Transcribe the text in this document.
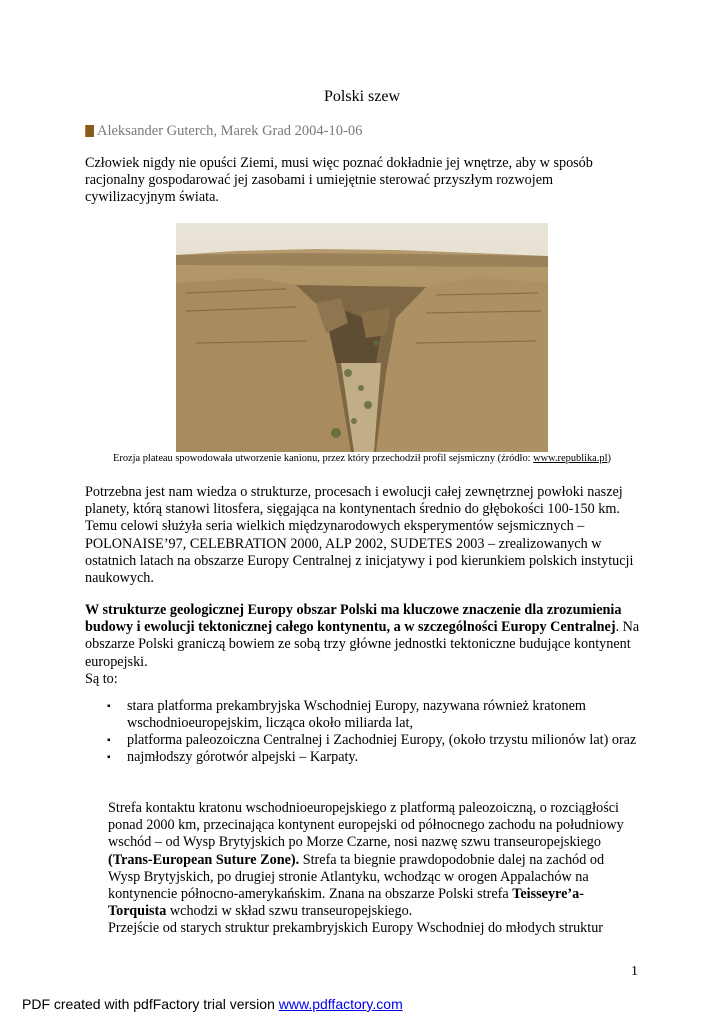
Polski szew
Aleksander Guterch, Marek Grad 2004-10-06

Człowiek nigdy nie opuści Ziemi, musi więc poznać dokładnie jej wnętrze, aby w sposób racjonalny gospodarować jej zasobami i umiejętnie sterować przyszłym rozwojem cywilizacyjnym świata.

Erozja plateau spowodowała utworzenie kanionu, przez który przechodził profil sejsmiczny (źródło: www.republika.pl)

Potrzebna jest nam wiedza o strukturze, procesach i ewolucji całej zewnętrznej powłoki naszej planety, którą stanowi litosfera, sięgająca na kontynentach średnio do głębokości 100-150 km. Temu celowi służyła seria wielkich międzynarodowych eksperymentów sejsmicznych – POLONAISE’97, CELEBRATION 2000, ALP 2002, SUDETES 2003 – zrealizowanych w ostatnich latach na obszarze Europy Centralnej z inicjatywy i pod kierunkiem polskich instytucji naukowych.

W strukturze geologicznej Europy obszar Polski ma kluczowe znaczenie dla zrozumienia budowy i ewolucji tektonicznej całego kontynentu, a w szczególności Europy Centralnej. Na obszarze Polski graniczą bowiem ze sobą trzy główne jednostki tektoniczne budujące kontynent europejski.
Są to:

▪ stara platforma prekambryjska Wschodniej Europy, nazywana również kratonem wschodnioeuropejskim, licząca około miliarda lat,
▪ platforma paleozoiczna Centralnej i Zachodniej Europy, (około trzystu milionów lat) oraz
▪ najmłodszy górotwór alpejski – Karpaty.

Strefa kontaktu kratonu wschodnioeuropejskiego z platformą paleozoiczną, o rozciągłości ponad 2000 km, przecinająca kontynent europejski od północnego zachodu na południowy wschód – od Wysp Brytyjskich po Morze Czarne, nosi nazwę szwu transeuropejskiego (Trans-European Suture Zone). Strefa ta biegnie prawdopodobnie dalej na zachód od Wysp Brytyjskich, po drugiej stronie Atlantyku, wchodząc w orogen Appalachów na kontynencie północno-amerykańskim. Znana na obszarze Polski strefa Teisseyre’a-Torquista wchodzi w skład szwu transeuropejskiego.
Przejście od starych struktur prekambryjskich Europy Wschodniej do młodych struktur

1
PDF created with pdfFactory trial version www.pdffactory.com
